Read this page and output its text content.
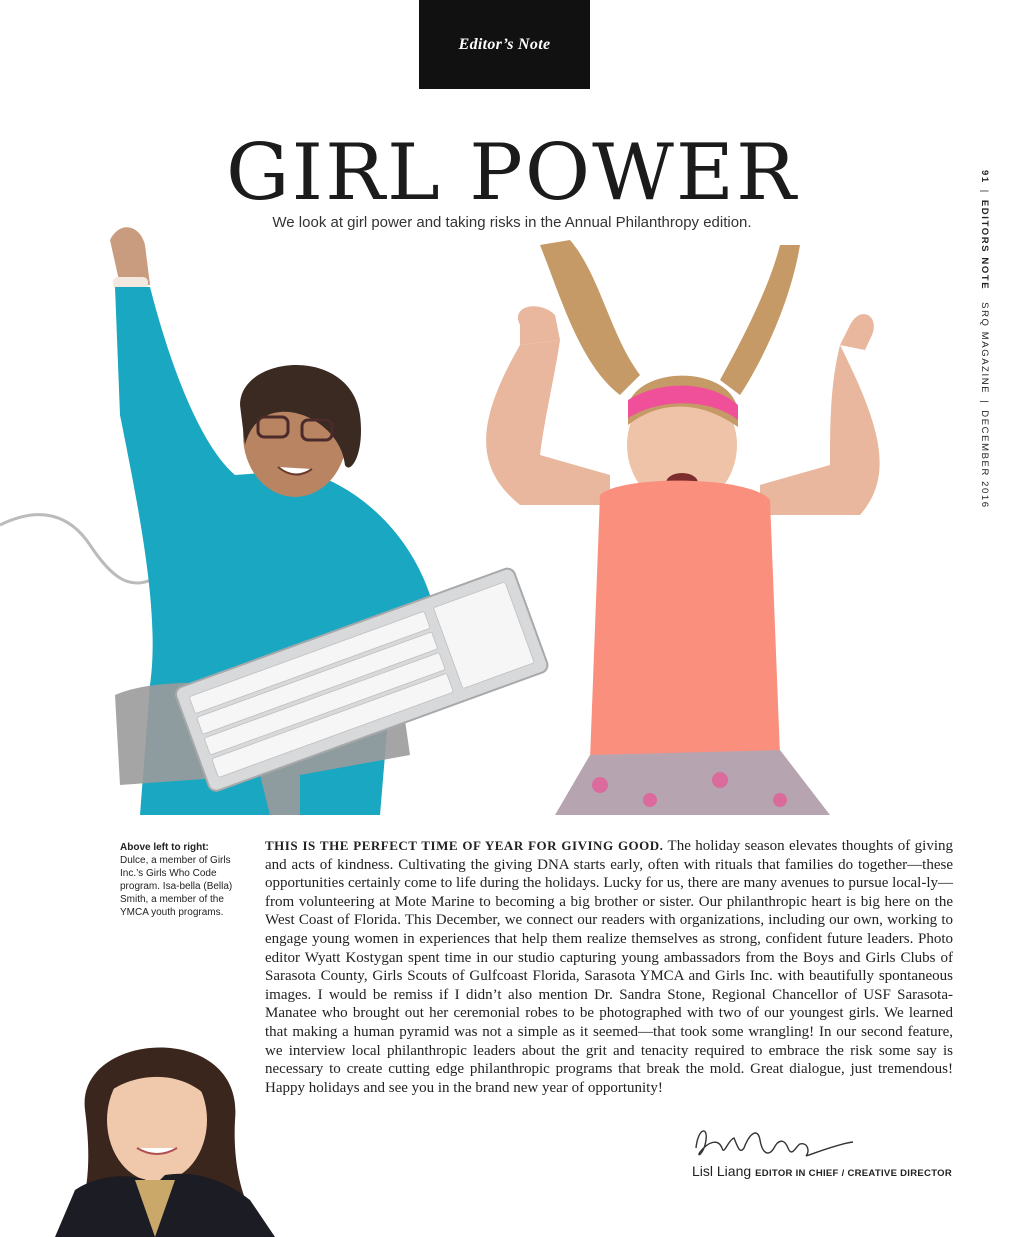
Editor’s Note
GIRL POWER
We look at girl power and taking risks in the Annual Philanthropy edition.
91|EDITORS NOTESRQ MAGAZINE|DECEMBER 2016
Above left to right:
Dulce, a member of Girls Inc.’s Girls Who Code program. Isa-bella (Bella) Smith, a member of the YMCA youth programs.
THIS IS THE PERFECT TIME OF YEAR FOR GIVING GOOD. The holiday season elevates thoughts of giving and acts of kindness. Cultivating the giving DNA starts early, often with rituals that families do together—these opportunities certainly come to life during the holidays. Lucky for us, there are many avenues to pursue local-ly—from volunteering at Mote Marine to becoming a big brother or sister. Our philanthropic heart is big here on the West Coast of Florida. This December, we connect our readers with organizations, including our own, working to engage young women in experiences that help them realize themselves as strong, confident future leaders. Photo editor Wyatt Kostygan spent time in our studio capturing young ambassadors from the Boys and Girls Clubs of Sarasota County, Girls Scouts of Gulfcoast Florida, Sarasota YMCA and Girls Inc. with beautifully spontaneous images. I would be remiss if I didn’t also mention Dr. Sandra Stone, Regional Chancellor of USF Sarasota-Manatee who brought out her ceremonial robes to be photographed with two of our youngest girls. We learned that making a human pyramid was not a simple as it seemed—that took some wrangling! In our second feature, we interview local philanthropic leaders about the grit and tenacity required to embrace the risk some say is necessary to create cutting edge philanthropic programs that break the mold. Great dialogue, just tremendous! Happy holidays and see you in the brand new year of opportunity!
Lisl Liang EDITOR IN CHIEF / CREATIVE DIRECTOR
